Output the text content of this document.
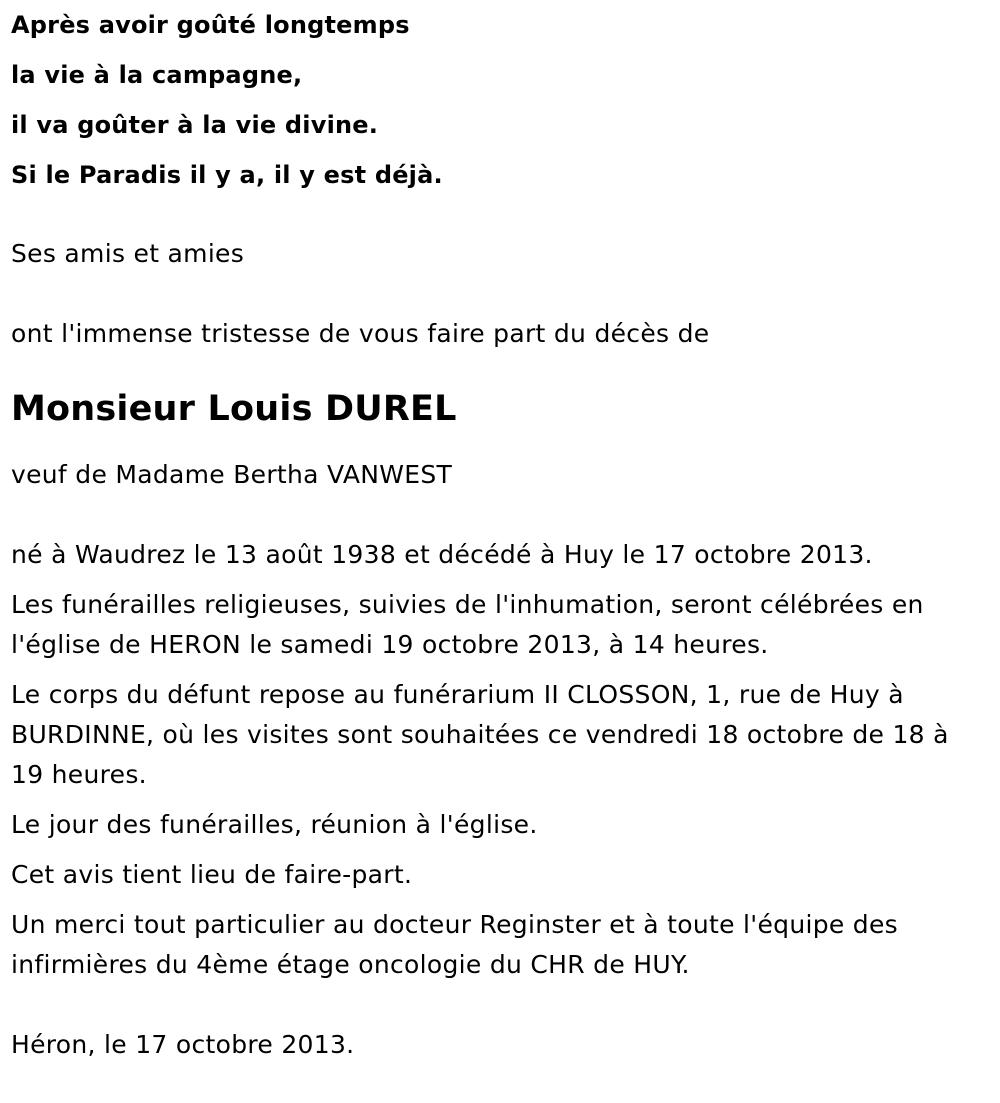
Après avoir goûté longtemps

la vie à la campagne,

il va goûter à la vie divine.

Si le Paradis il y a, il y est déjà.

Ses amis et amies

ont l'immense tristesse de vous faire part du décès de

Monsieur Louis DUREL

veuf de Madame Bertha VANWEST

né à Waudrez le 13 août 1938 et décédé à Huy le 17 octobre 2013.

Les funérailles religieuses, suivies de l'inhumation, seront célébrées en l'église de HERON le samedi 19 octobre 2013, à 14 heures.

Le corps du défunt repose au funérarium II CLOSSON, 1, rue de Huy à BURDINNE, où les visites sont souhaitées ce vendredi 18 octobre de 18 à 19 heures.

Le jour des funérailles, réunion à l'église.

Cet avis tient lieu de faire-part.

Un merci tout particulier au docteur Reginster et à toute l'équipe des infirmières du 4ème étage oncologie du CHR de HUY.

Héron, le 17 octobre 2013.
